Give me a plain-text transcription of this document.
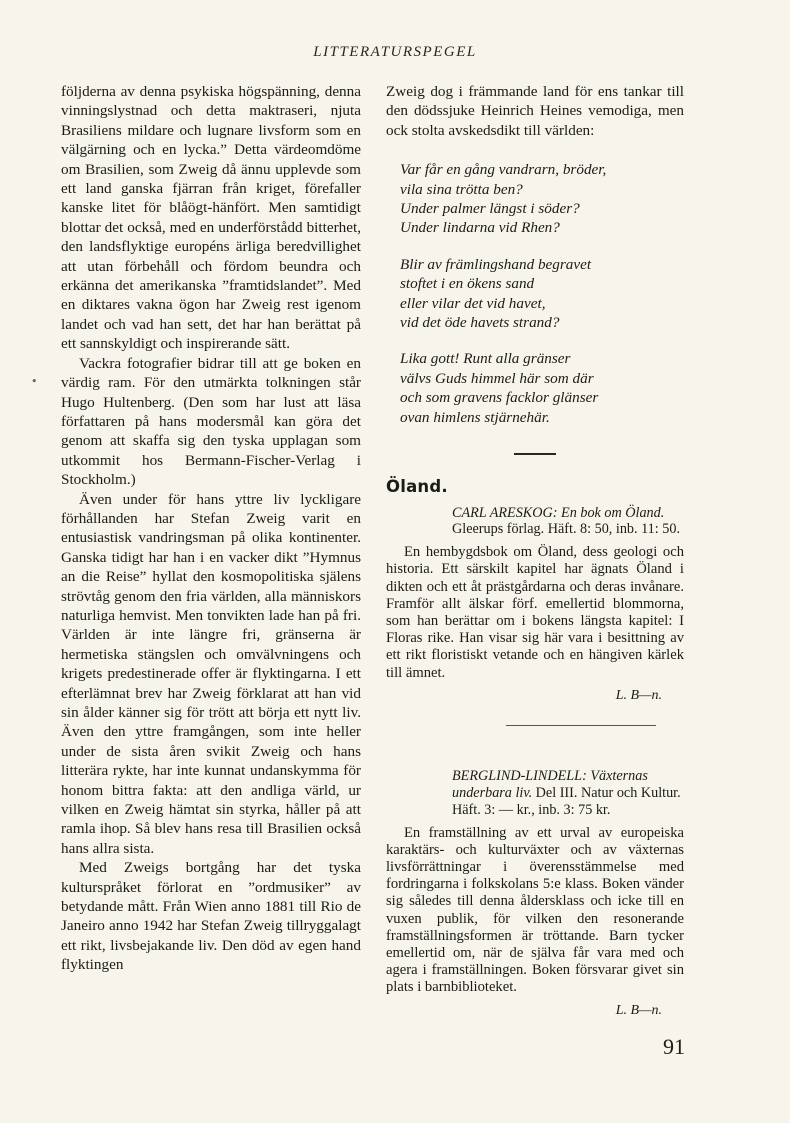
LITTERATURSPEGEL
•

följderna av denna psykiska högspänning, denna vinningslystnad och detta maktraseri, njuta Brasiliens mildare och lugnare livsform som en välgärning och en lycka.” Detta värdeomdöme om Brasilien, som Zweig då ännu upplevde som ett land ganska fjärran från kriget, förefaller kanske litet för blåögt-hänfört. Men samtidigt blottar det också, med en underförstådd bitterhet, den landsflyktige européns ärliga beredvillighet att utan förbehåll och fördom beundra och erkänna det amerikanska ”framtidslandet”. Med en diktares vakna ögon har Zweig rest igenom landet och vad han sett, det har han berättat på ett sannskyldigt och inspirerande sätt.

Vackra fotografier bidrar till att ge boken en värdig ram. För den utmärkta tolkningen står Hugo Hultenberg. (Den som har lust att läsa författaren på hans modersmål kan göra det genom att skaffa sig den tyska upplagan som utkommit hos Bermann-Fischer-Verlag i Stockholm.)

Även under för hans yttre liv lyckligare förhållanden har Stefan Zweig varit en entusiastisk vandringsman på olika kontinenter. Ganska tidigt har han i en vacker dikt ”Hymnus an die Reise” hyllat den kosmopolitiska själens strövtåg genom den fria världen, alla människors naturliga hemvist. Men tonvikten lade han på fri. Världen är inte längre fri, gränserna är hermetiska stängslen och omvälvningens och krigets predestinerade offer är flyktingarna. I ett efterlämnat brev har Zweig förklarat att han vid sin ålder känner sig för trött att börja ett nytt liv. Även den yttre framgången, som inte heller under de sista åren svikit Zweig och hans litterära rykte, har inte kunnat undanskymma för honom bittra fakta: att den andliga värld, ur vilken en Zweig hämtat sin styrka, håller på att ramla ihop. Så blev hans resa till Brasilien också hans allra sista.

Med Zweigs bortgång har det tyska kulturspråket förlorat en ”ordmusiker” av betydande mått. Från Wien anno 1881 till Rio de Janeiro anno 1942 har Stefan Zweig tillryggalagt ett rikt, livsbejakande liv. Den död av egen hand flyktingen

Zweig dog i främmande land för ens tankar till den dödssjuke Heinrich Heines vemodiga, men ock stolta avskedsdikt till världen:

Var får en gång vandrarn, bröder,
vila sina trötta ben?
Under palmer längst i söder?
Under lindarna vid Rhen?
Blir av främlingshand begravet
stoftet i en ökens sand
eller vilar det vid havet,
vid det öde havets strand?
Lika gott! Runt alla gränser
välvs Guds himmel här som där
och som gravens facklor glänser
ovan himlens stjärnehär.
Öland.
CARL ARESKOG: En bok om Öland. Gleerups förlag. Häft. 8: 50, inb. 11: 50.

En hembygdsbok om Öland, dess geologi och historia. Ett särskilt kapitel har ägnats Öland i dikten och ett åt prästgårdarna och deras invånare. Framför allt älskar förf. emellertid blommorna, som han berättar om i bokens längsta kapitel: I Floras rike. Han visar sig här vara i besittning av ett rikt floristiskt vetande och en hängiven kärlek till ämnet.

L. B—n.
BERGLIND-LINDELL: Växternas underbara liv. Del III. Natur och Kultur. Häft. 3: — kr., inb. 3: 75 kr.

En framställning av ett urval av europeiska karaktärs- och kulturväxter och av växternas livsförrättningar i överensstämmelse med fordringarna i folkskolans 5:e klass. Boken vänder sig således till denna åldersklass och icke till en vuxen publik, för vilken den resonerande framställningsformen är tröttande. Barn tycker emellertid om, när de själva får vara med och agera i framställningen. Boken försvarar givet sin plats i barnbiblioteket.

L. B—n.
91
